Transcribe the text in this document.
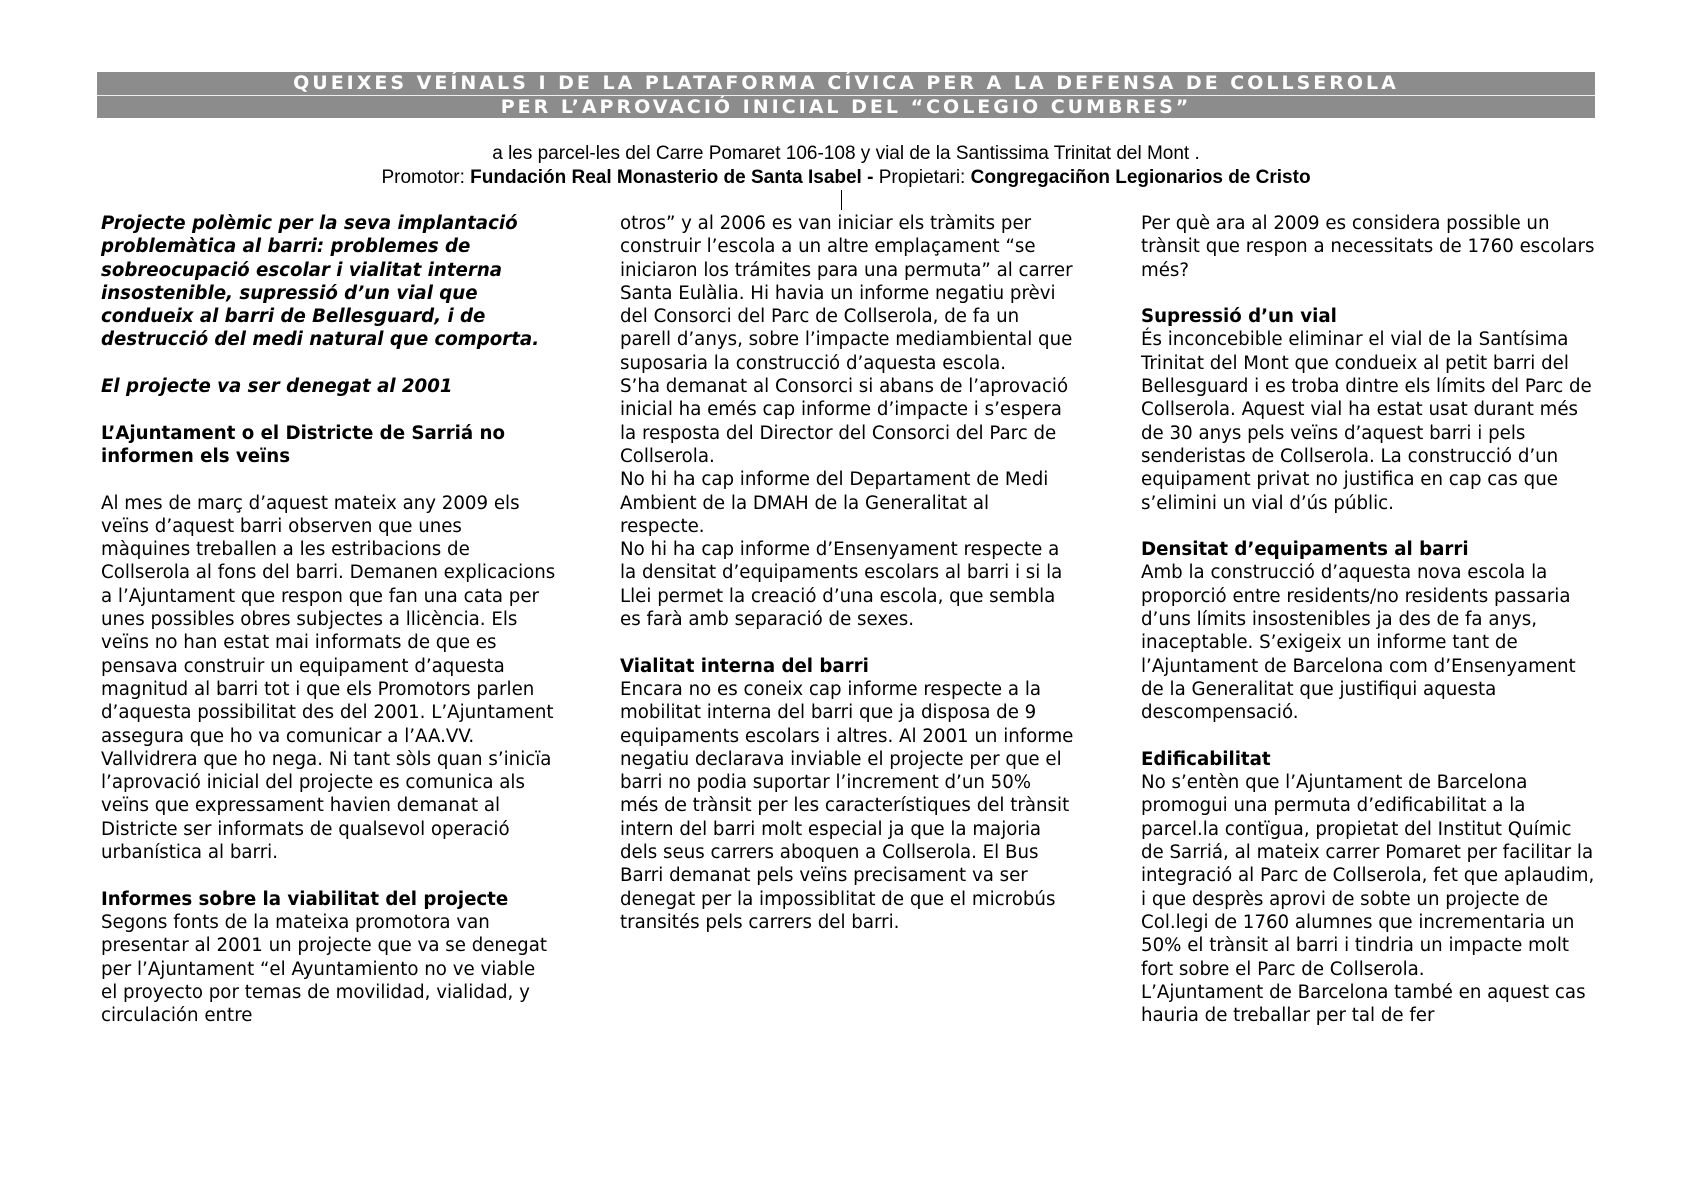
QUEIXES VEÍNALS I DE LA PLATAFORMA CÍVICA PER A LA DEFENSA DE COLLSEROLA
PER L’APROVACIÓ INICIAL DEL “COLEGIO CUMBRES”
a les parcel-les del Carre Pomaret 106-108 y vial de la Santissima Trinitat del Mont .
Promotor: Fundación Real Monasterio de Santa Isabel - Propietari: Congregaciñon Legionarios de Cristo

Projecte polèmic per la seva implantació problemàtica al barri: problemes de sobreocupació escolar i vialitat interna insostenible, supressió d’un vial que condueix al barri de Bellesguard, i de destrucció del medi natural que comporta.

El projecte va ser denegat al 2001

L’Ajuntament o el Districte de Sarriá no informen els veïns

Al mes de març d’aquest mateix any 2009 els veïns d’aquest barri observen que unes màquines treballen a les estribacions de Collserola al fons del barri. Demanen explicacions a l’Ajuntament que respon que fan una cata per unes possibles obres subjectes a llicència. Els veïns no han estat mai informats de que es pensava construir un equipament d’aquesta magnitud al barri tot i que els Promotors parlen d’aquesta possibilitat des del 2001. L’Ajuntament assegura que ho va comunicar a l’AA.VV. Vallvidrera que ho nega. Ni tant sòls quan s’inicïa l’aprovació inicial del projecte es comunica als veïns que expressament havien demanat al Districte ser informats de qualsevol operació urbanística al barri.

Informes sobre la viabilitat del projecte

Segons fonts de la mateixa promotora van presentar al 2001 un projecte que va se denegat per l’Ajuntament “el Ayuntamiento no ve viable el proyecto por temas de movilidad, vialidad, y circulación entre

otros” y al 2006 es van iniciar els tràmits per construir l’escola a un altre emplaçament “se iniciaron los trámites para una permuta” al carrer Santa Eulàlia. Hi havia un informe negatiu prèvi del Consorci del Parc de Collserola, de fa un parell d’anys, sobre l’impacte mediambiental que suposaria la construcció d’aquesta escola.

S’ha demanat al Consorci si abans de l’aprovació inicial ha emés cap informe d’impacte i s’espera la resposta del Director del Consorci del Parc de Collserola.

No hi ha cap informe del Departament de Medi Ambient de la DMAH de la Generalitat al respecte.

No hi ha cap informe d’Ensenyament respecte a la densitat d’equipaments escolars al barri i si la Llei permet la creació d’una escola, que sembla es farà amb separació de sexes.

Vialitat interna del barri

Encara no es coneix cap informe respecte a la mobilitat interna del barri que ja disposa de 9 equipaments escolars i altres. Al 2001 un informe negatiu declarava inviable el projecte per que el barri no podia suportar l’increment d’un 50% més de trànsit per les característiques del trànsit intern del barri molt especial ja que la majoria dels seus carrers aboquen a Collserola. El Bus Barri demanat pels veïns precisament va ser denegat per la impossiblitat de que el microbús transités pels carrers del barri.

Per què ara al 2009 es considera possible un trànsit que respon a necessitats de 1760 escolars més?

Supressió d’un vial

És inconcebible eliminar el vial de la Santísima Trinitat del Mont que condueix al petit barri del Bellesguard i es troba dintre els límits del Parc de Collserola. Aquest vial ha estat usat durant més de 30 anys pels veïns d’aquest barri i pels senderistas de Collserola. La construcció d’un equipament privat no justifica en cap cas que s’elimini un vial d’ús públic.

Densitat d’equipaments al barri

Amb la construcció d’aquesta nova escola la proporció entre residents/no residents passaria d’uns límits insostenibles ja des de fa anys, inaceptable. S’exigeix un informe tant de l’Ajuntament de Barcelona com d’Ensenyament de la Generalitat que justifiqui aquesta descompensació.

Edificabilitat

No s’entèn que l’Ajuntament de Barcelona promogui una permuta d’edificabilitat a la parcel.la contïgua, propietat del Institut Químic de Sarriá, al mateix carrer Pomaret per facilitar la integració al Parc de Collserola, fet que aplaudim, i que desprès aprovi de sobte un projecte de Col.legi de 1760 alumnes que incrementaria un 50% el trànsit al barri i tindria un impacte molt fort sobre el Parc de Collserola.

L’Ajuntament de Barcelona també en aquest cas hauria de treballar per tal de fer
